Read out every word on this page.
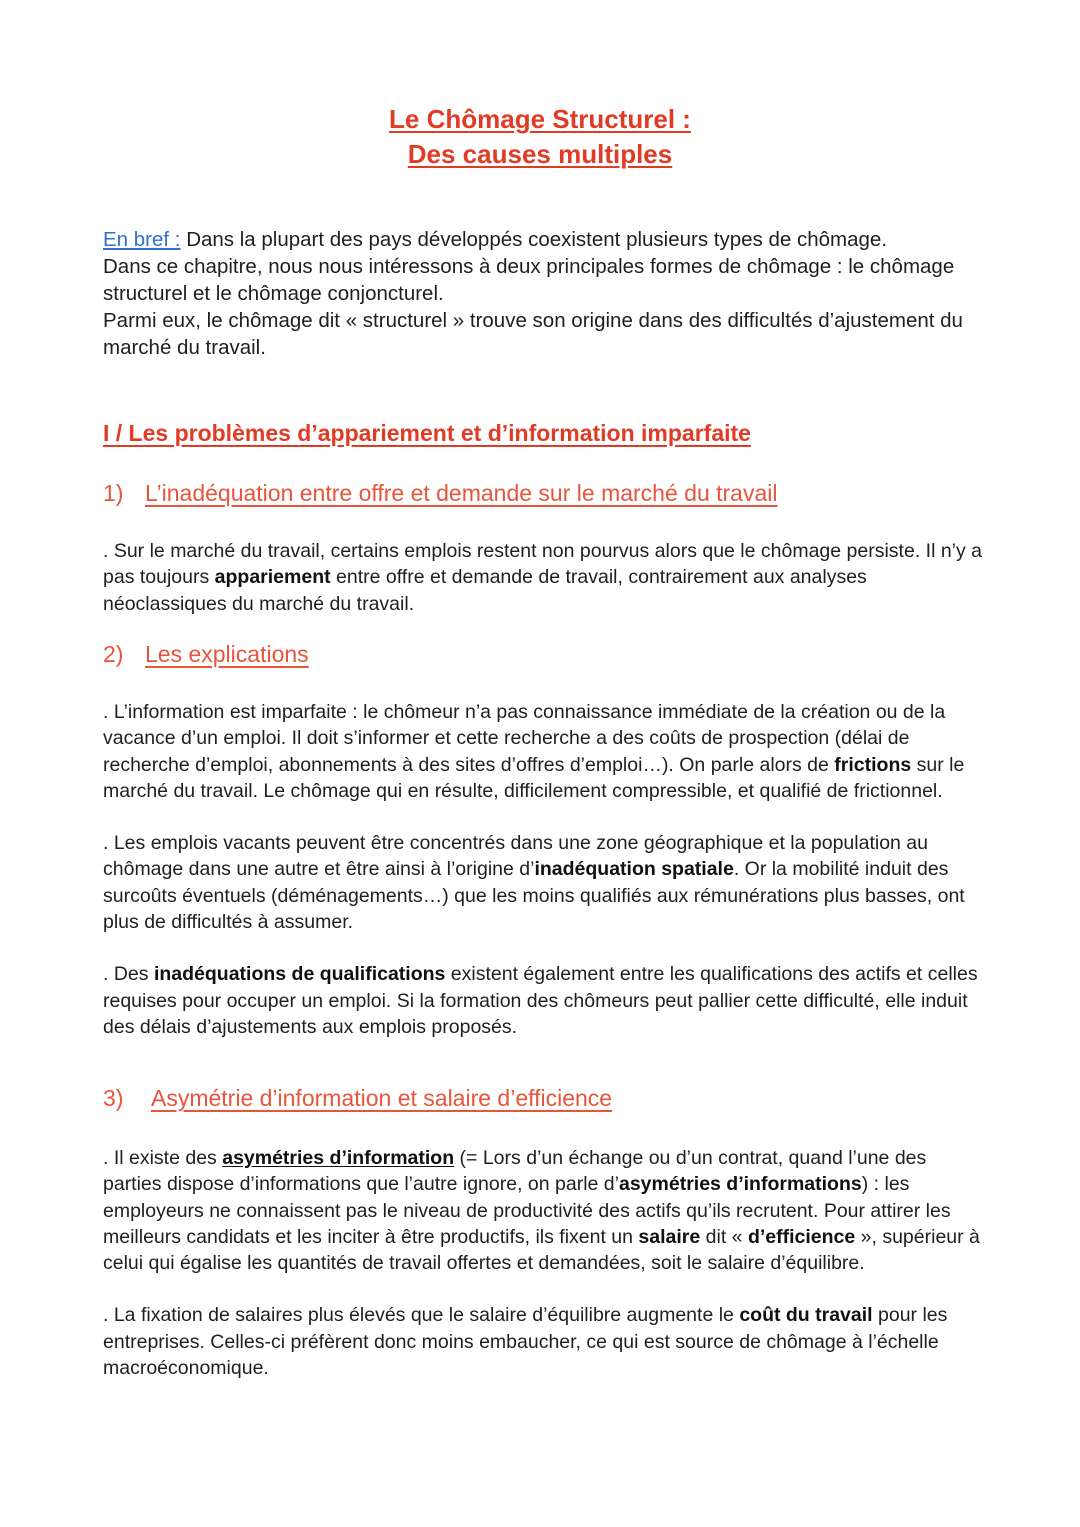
Le Chômage Structurel :
Des causes multiples

En bref : Dans la plupart des pays développés coexistent plusieurs types de chômage.

Dans ce chapitre, nous nous intéressons à deux principales formes de chômage : le chômage structurel et le chômage conjoncturel.

Parmi eux, le chômage dit « structurel » trouve son origine dans des difficultés d’ajustement du marché du travail.

I / Les problèmes d’appariement et d’information imparfaite
1) L’inadéquation entre offre et demande sur le marché du travail

. Sur le marché du travail, certains emplois restent non pourvus alors que le chômage persiste. Il n’y a pas toujours appariement entre offre et demande de travail, contrairement aux analyses néoclassiques du marché du travail.

2) Les explications

. L’information est imparfaite : le chômeur n’a pas connaissance immédiate de la création ou de la vacance d’un emploi. Il doit s’informer et cette recherche a des coûts de prospection (délai de recherche d’emploi, abonnements à des sites d’offres d’emploi…). On parle alors de frictions sur le marché du travail. Le chômage qui en résulte, difficilement compressible, et qualifié de frictionnel.

. Les emplois vacants peuvent être concentrés dans une zone géographique et la population au chômage dans une autre et être ainsi à l’origine d’inadéquation spatiale. Or la mobilité induit des surcoûts éventuels (déménagements…) que les moins qualifiés aux rémunérations plus basses, ont plus de difficultés à assumer.

. Des inadéquations de qualifications existent également entre les qualifications des actifs et celles requises pour occuper un emploi. Si la formation des chômeurs peut pallier cette difficulté, elle induit des délais d’ajustements aux emplois proposés.

3) Asymétrie d’information et salaire d’efficience

. Il existe des asymétries d’information (= Lors d’un échange ou d’un contrat, quand l’une des parties dispose d’informations que l’autre ignore, on parle d’asymétries d’informations) : les employeurs ne connaissent pas le niveau de productivité des actifs qu’ils recrutent. Pour attirer les meilleurs candidats et les inciter à être productifs, ils fixent un salaire dit « d’efficience », supérieur à celui qui égalise les quantités de travail offertes et demandées, soit le salaire d’équilibre.

. La fixation de salaires plus élevés que le salaire d’équilibre augmente le coût du travail pour les entreprises. Celles-ci préfèrent donc moins embaucher, ce qui est source de chômage à l’échelle macroéconomique.
